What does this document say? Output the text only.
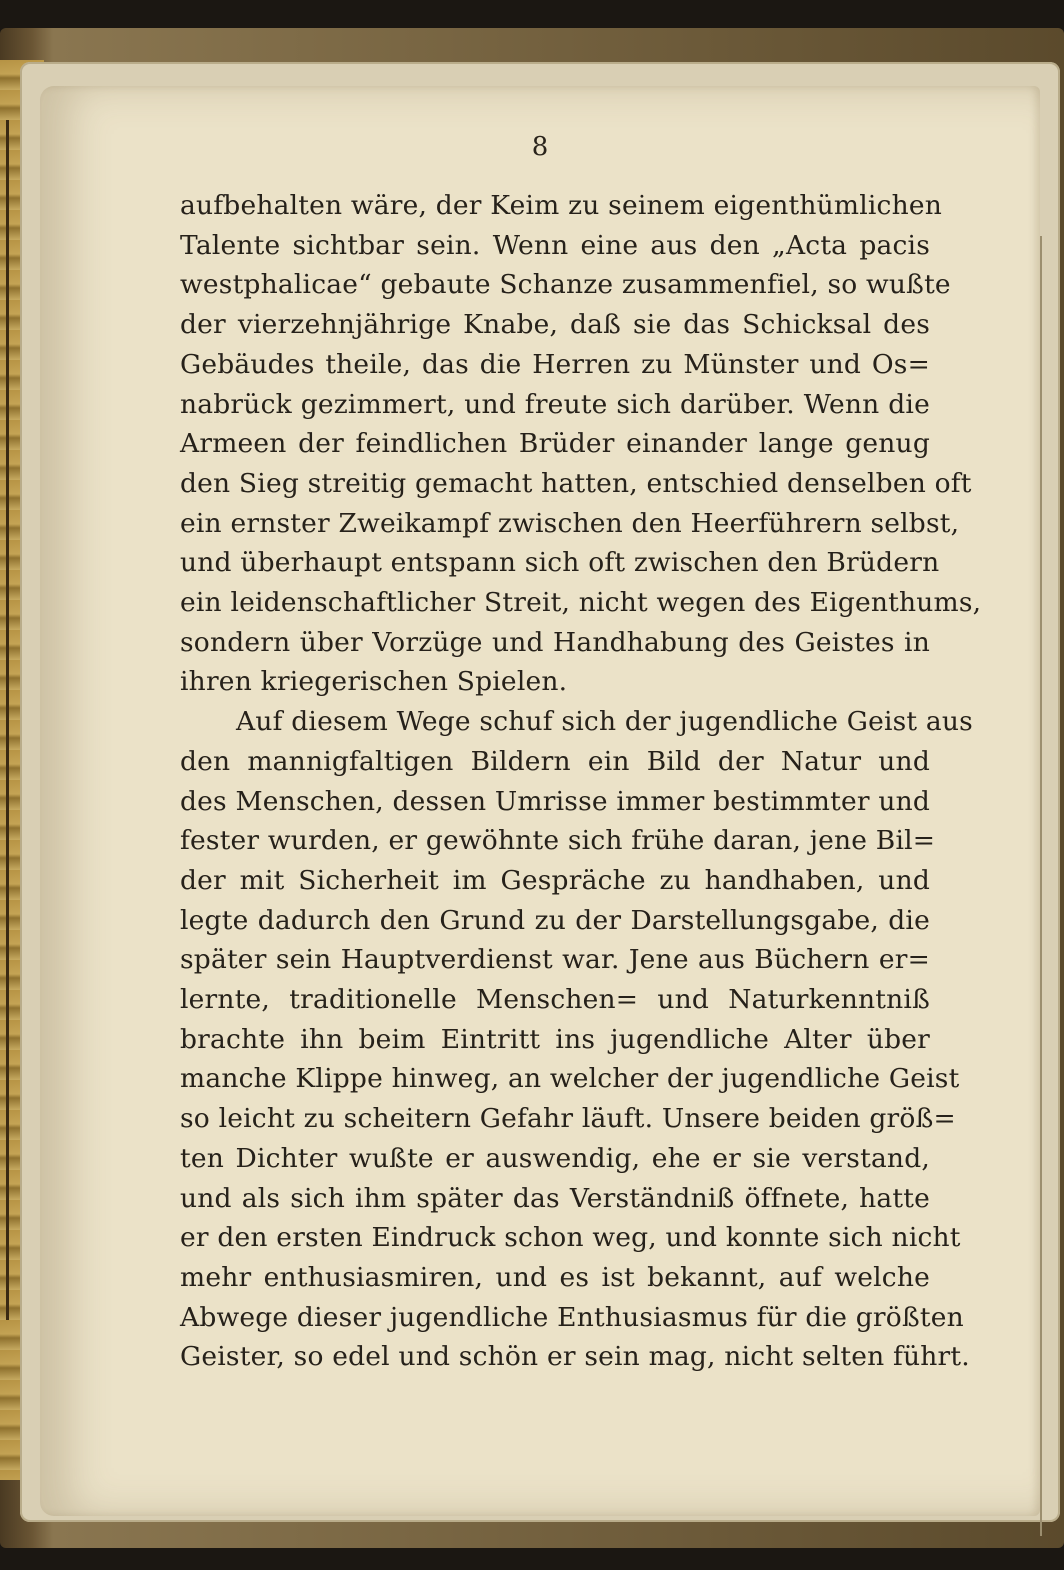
8
aufbehalten wäre, der Keim zu seinem eigenthümlichen
Talente sichtbar sein. Wenn eine aus den „Acta pacis
westphalicae“ gebaute Schanze zusammenfiel, so wußte
der vierzehnjährige Knabe, daß sie das Schicksal des
Gebäudes theile, das die Herren zu Münster und Os=
nabrück gezimmert, und freute sich darüber. Wenn die
Armeen der feindlichen Brüder einander lange genug
den Sieg streitig gemacht hatten, entschied denselben oft
ein ernster Zweikampf zwischen den Heerführern selbst,
und überhaupt entspann sich oft zwischen den Brüdern
ein leidenschaftlicher Streit, nicht wegen des Eigenthums,
sondern über Vorzüge und Handhabung des Geistes in
ihren kriegerischen Spielen.
Auf diesem Wege schuf sich der jugendliche Geist aus
den mannigfaltigen Bildern ein Bild der Natur und
des Menschen, dessen Umrisse immer bestimmter und
fester wurden, er gewöhnte sich frühe daran, jene Bil=
der mit Sicherheit im Gespräche zu handhaben, und
legte dadurch den Grund zu der Darstellungsgabe, die
später sein Hauptverdienst war. Jene aus Büchern er=
lernte, traditionelle Menschen= und Naturkenntniß
brachte ihn beim Eintritt ins jugendliche Alter über
manche Klippe hinweg, an welcher der jugendliche Geist
so leicht zu scheitern Gefahr läuft. Unsere beiden größ=
ten Dichter wußte er auswendig, ehe er sie verstand,
und als sich ihm später das Verständniß öffnete, hatte
er den ersten Eindruck schon weg, und konnte sich nicht
mehr enthusiasmiren, und es ist bekannt, auf welche
Abwege dieser jugendliche Enthusiasmus für die größten
Geister, so edel und schön er sein mag, nicht selten führt.
